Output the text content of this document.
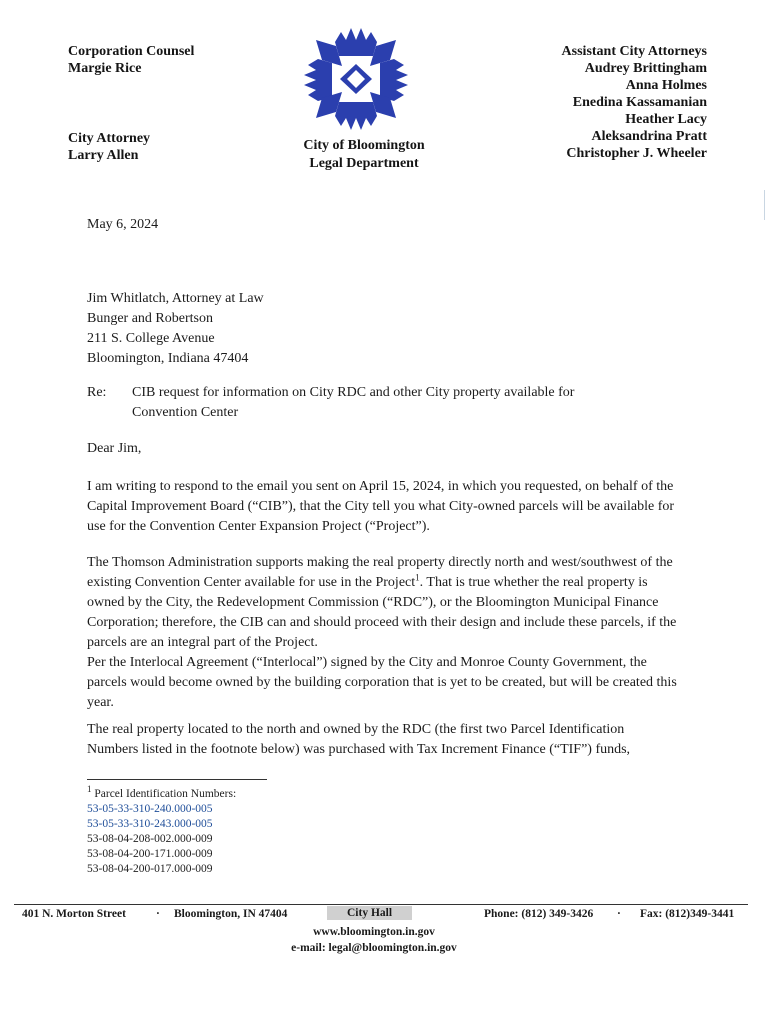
Corporation Counsel
Margie Rice
City Attorney
Larry Allen
City of Bloomington
Legal Department
Assistant City Attorneys
Audrey Brittingham
Anna Holmes
Enedina Kassamanian
Heather Lacy
Aleksandrina Pratt
Christopher J. Wheeler
May 6, 2024
Jim Whitlatch, Attorney at Law
Bunger and Robertson
211 S. College Avenue
Bloomington, Indiana 47404
Re:	CIB request for information on City RDC and other City property available for Convention Center
Dear Jim,

I am writing to respond to the email you sent on April 15, 2024, in which you requested, on behalf of the Capital Improvement Board (“CIB”), that the City tell you what City-owned parcels will be available for use for the Convention Center Expansion Project (“Project”).

The Thomson Administration supports making the real property directly north and west/southwest of the existing Convention Center available for use in the Project$^1$. That is true whether the real property is owned by the City, the Redevelopment Commission (“RDC”), or the Bloomington Municipal Finance Corporation; therefore, the CIB can and should proceed with their design and include these parcels, if the parcels are an integral part of the Project.
Per the Interlocal Agreement (“Interlocal”) signed by the City and Monroe County Government, the parcels would become owned by the building corporation that is yet to be created, but will be created this year.

The real property located to the north and owned by the RDC (the first two Parcel Identification Numbers listed in the footnote below) was purchased with Tax Increment Finance (“TIF”) funds,

$^1$ Parcel Identification Numbers:
53-05-33-310-240.000-005
53-05-33-310-243.000-005
53-08-04-208-002.000-009
53-08-04-200-171.000-009
53-08-04-200-017.000-009
401 N. Morton Street	· Bloomington, IN 47404	City Hall	Phone: (812) 349-3426 · Fax: (812)349-3441
www.bloomington.in.gov
e-mail: legal@bloomington.in.gov
